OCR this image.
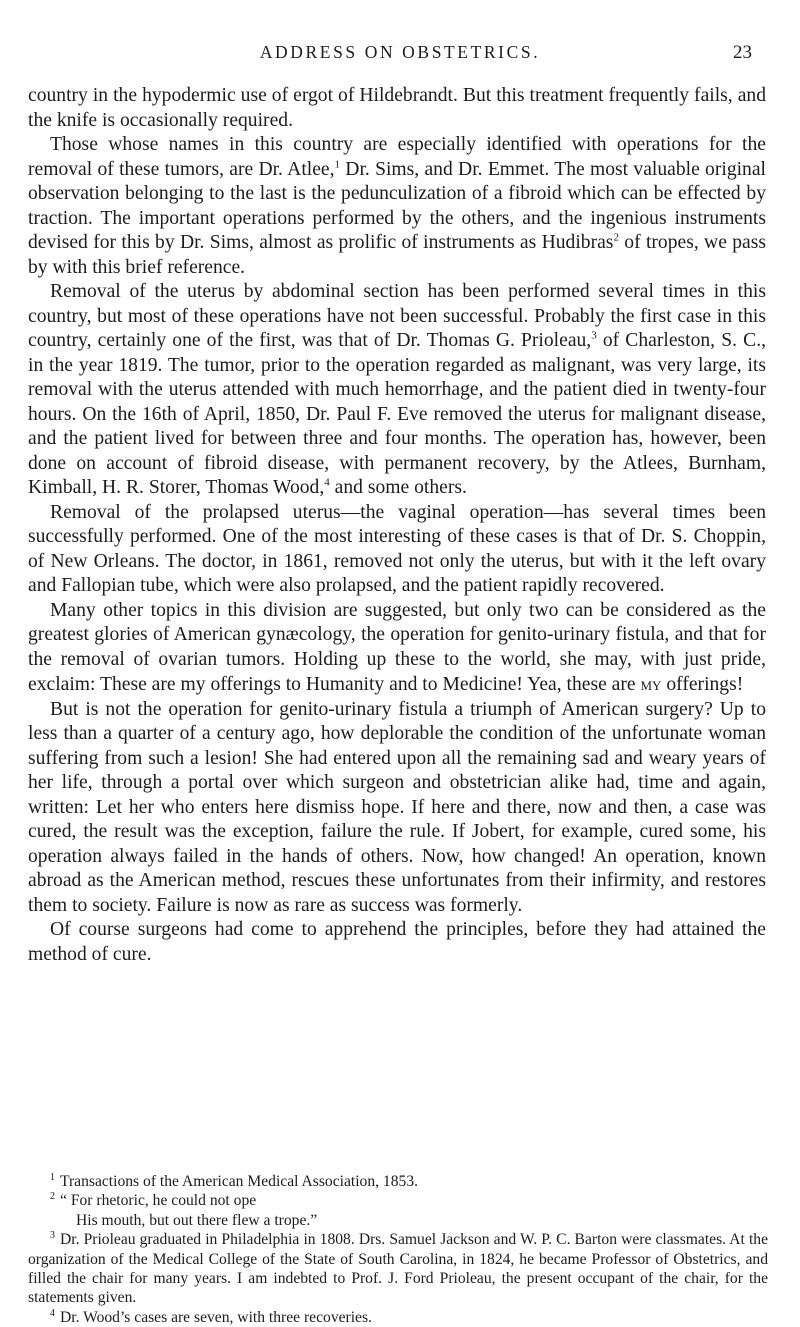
ADDRESS ON OBSTETRICS.	23

country in the hypodermic use of ergot of Hildebrandt. But this treatment frequently fails, and the knife is occasionally required.

Those whose names in this country are especially identified with operations for the removal of these tumors, are Dr. Atlee,$^1$ Dr. Sims, and Dr. Emmet. The most valuable original observation belonging to the last is the pedunculization of a fibroid which can be effected by traction. The important operations performed by the others, and the ingenious instruments devised for this by Dr. Sims, almost as prolific of instruments as Hudibras$^2$ of tropes, we pass by with this brief reference.

Removal of the uterus by abdominal section has been performed several times in this country, but most of these operations have not been successful. Probably the first case in this country, certainly one of the first, was that of Dr. Thomas G. Prioleau,$^3$ of Charleston, S. C., in the year 1819. The tumor, prior to the operation regarded as malignant, was very large, its removal with the uterus attended with much hemorrhage, and the patient died in twenty-four hours. On the 16th of April, 1850, Dr. Paul F. Eve removed the uterus for malignant disease, and the patient lived for between three and four months. The operation has, however, been done on account of fibroid disease, with permanent recovery, by the Atlees, Burnham, Kimball, H. R. Storer, Thomas Wood,$^4$ and some others.

Removal of the prolapsed uterus—the vaginal operation—has several times been successfully performed. One of the most interesting of these cases is that of Dr. S. Choppin, of New Orleans. The doctor, in 1861, removed not only the uterus, but with it the left ovary and Fallopian tube, which were also prolapsed, and the patient rapidly recovered.

Many other topics in this division are suggested, but only two can be considered as the greatest glories of American gynæcology, the operation for genito-urinary fistula, and that for the removal of ovarian tumors. Holding up these to the world, she may, with just pride, exclaim: These are my offerings to Humanity and to Medicine! Yea, these are my offerings!

But is not the operation for genito-urinary fistula a triumph of American surgery? Up to less than a quarter of a century ago, how deplorable the condition of the unfortunate woman suffering from such a lesion! She had entered upon all the remaining sad and weary years of her life, through a portal over which surgeon and obstetrician alike had, time and again, written: Let her who enters here dismiss hope. If here and there, now and then, a case was cured, the result was the exception, failure the rule. If Jobert, for example, cured some, his operation always failed in the hands of others. Now, how changed! An operation, known abroad as the American method, rescues these unfortunates from their infirmity, and restores them to society. Failure is now as rare as success was formerly.

Of course surgeons had come to apprehend the principles, before they had attained the method of cure.

$^1$ Transactions of the American Medical Association, 1853.

$^2$ “ For rhetoric, he could not ope

His mouth, but out there flew a trope.”

$^3$ Dr. Prioleau graduated in Philadelphia in 1808. Drs. Samuel Jackson and W. P. C. Barton were classmates. At the organization of the Medical College of the State of South Carolina, in 1824, he became Professor of Obstetrics, and filled the chair for many years. I am indebted to Prof. J. Ford Prioleau, the present occupant of the chair, for the statements given.

$^4$ Dr. Wood’s cases are seven, with three recoveries.
